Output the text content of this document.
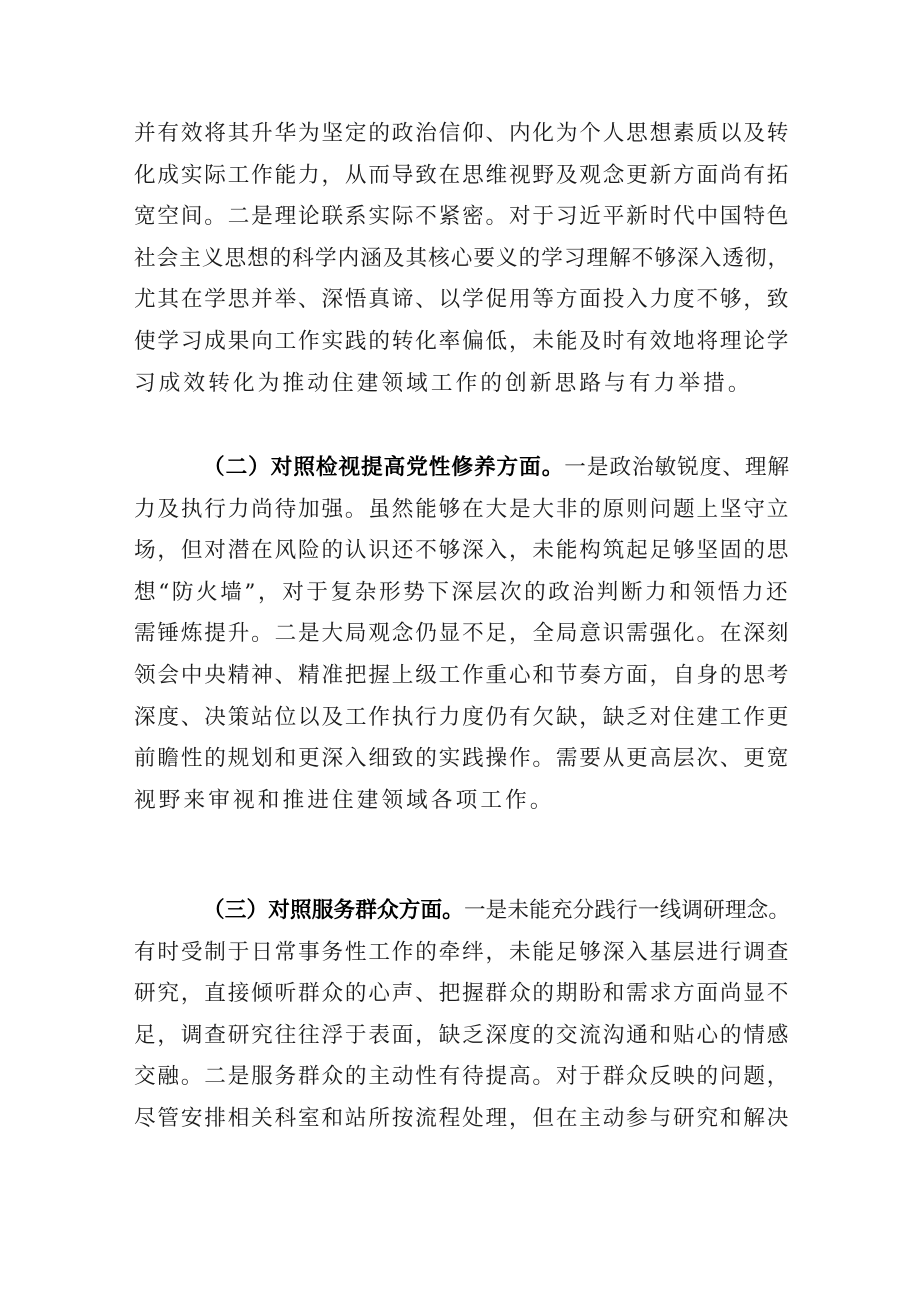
并有效将其升华为坚定的政治信仰、内化为个人思想素质以及转
化成实际工作能力，从而导致在思维视野及观念更新方面尚有拓
宽空间。二是理论联系实际不紧密。对于习近平新时代中国特色
社会主义思想的科学内涵及其核心要义的学习理解不够深入透彻，
尤其在学思并举、深悟真谛、以学促用等方面投入力度不够，致
使学习成果向工作实践的转化率偏低，未能及时有效地将理论学
习成效转化为推动住建领域工作的创新思路与有力举措。
（二）对照检视提高党性修养方面。一是政治敏锐度、理解
力及执行力尚待加强。虽然能够在大是大非的原则问题上坚守立
场，但对潜在风险的认识还不够深入，未能构筑起足够坚固的思
想“防火墙”，对于复杂形势下深层次的政治判断力和领悟力还
需锤炼提升。二是大局观念仍显不足，全局意识需强化。在深刻
领会中央精神、精准把握上级工作重心和节奏方面，自身的思考
深度、决策站位以及工作执行力度仍有欠缺，缺乏对住建工作更
前瞻性的规划和更深入细致的实践操作。需要从更高层次、更宽
视野来审视和推进住建领域各项工作。
（三）对照服务群众方面。一是未能充分践行一线调研理念。
有时受制于日常事务性工作的牵绊，未能足够深入基层进行调查
研究，直接倾听群众的心声、把握群众的期盼和需求方面尚显不
足，调查研究往往浮于表面，缺乏深度的交流沟通和贴心的情感
交融。二是服务群众的主动性有待提高。对于群众反映的问题，
尽管安排相关科室和站所按流程处理，但在主动参与研究和解决
